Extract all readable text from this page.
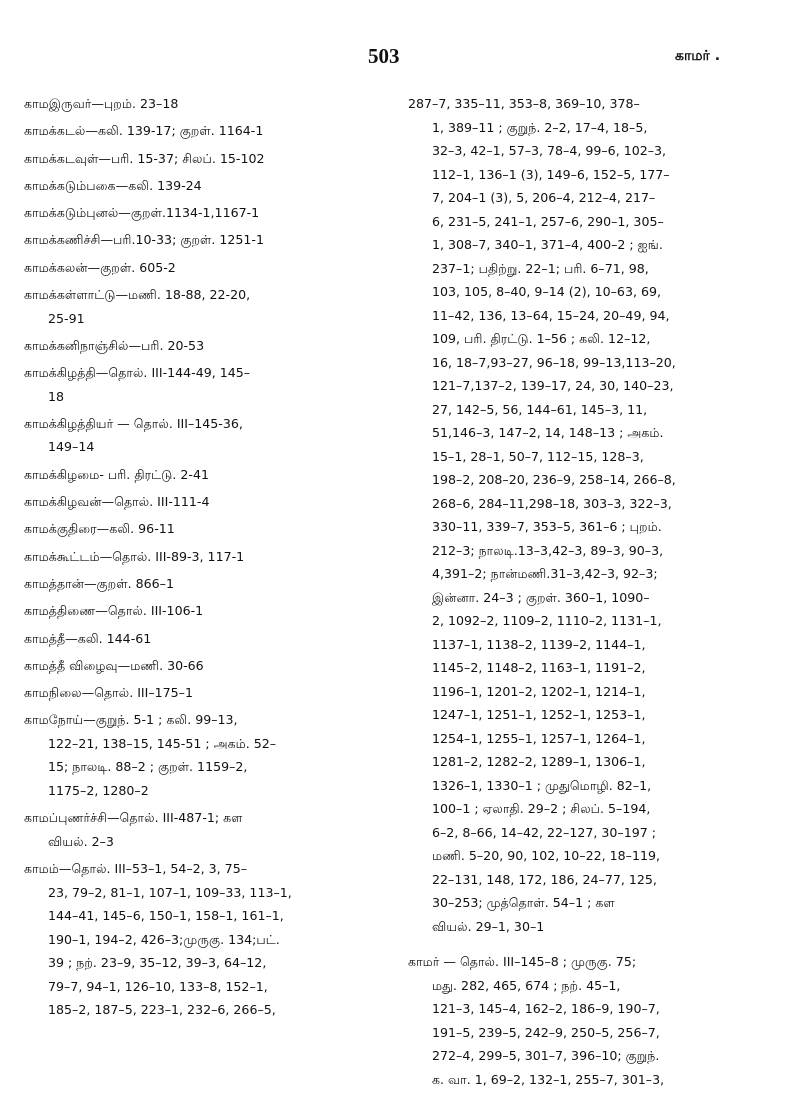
503	காமர் .
காமஇருவர்—புறம். 23–18
காமக்கடல்—கலி. 139-17; குறள். 1164-1
காமக்கடவுள்—பரி. 15-37; சிலப். 15-102
காமக்கடும்பகை—கலி. 139-24
காமக்கடும்புனல்—குறள்.1134-1,1167-1
காமக்கணிச்சி—பரி.10-33; குறள். 1251-1
காமக்கலன்—குறள். 605-2
காமக்கள்ளாட்டு—மணி. 18-88, 22-20,
25-91
காமக்கனிநாஞ்சில்—பரி. 20-53
காமக்கிழத்தி—தொல். III-144-49, 145–
18
காமக்கிழத்தியர் — தொல். III–145-36,
149–14
காமக்கிழமை- பரி. திரட்டு. 2-41
காமக்கிழவன்—தொல். III-111-4
காமக்குதிரை—கலி. 96-11
காமக்கூட்டம்—தொல். III-89-3, 117-1
காமத்தான்—குறள். 866–1
காமத்திணை—தொல். III-106-1
காமத்தீ—கலி. 144-61
காமத்தீ விழைவு—மணி. 30-66
காமநிலை—தொல். III–175–1
காமநோய்—குறுந். 5-1 ; கலி. 99–13,
122–21, 138–15, 145-51 ; அகம். 52–
15; நாலடி. 88–2 ; குறள். 1159–2,
1175–2, 1280–2
காமப்புணர்ச்சி—தொல். III-487-1; கள
வியல். 2–3
காமம்—தொல். III–53–1, 54–2, 3, 75–
23, 79–2, 81–1, 107–1, 109–33, 113–1,
144–41, 145–6, 150–1, 158–1, 161–1,
190–1, 194–2, 426–3;முருகு. 134;பட்.
39 ; நற். 23–9, 35–12, 39–3, 64–12,
79–7, 94–1, 126–10, 133–8, 152–1,
185–2, 187–5, 223–1, 232–6, 266–5,
287–7, 335–11, 353–8, 369–10, 378–
1, 389–11 ; குறுந். 2–2, 17–4, 18–5,
32–3, 42–1, 57–3, 78–4, 99–6, 102–3,
112–1, 136–1 (3), 149–6, 152–5, 177–
7, 204–1 (3), 5, 206–4, 212–4, 217–
6, 231–5, 241–1, 257–6, 290–1, 305–
1, 308–7, 340–1, 371–4, 400–2 ; ஐங்.
237–1; பதிற்று. 22–1; பரி. 6–71, 98,
103, 105, 8–40, 9–14 (2), 10–63, 69,
11–42, 136, 13–64, 15–24, 20–49, 94,
109, பரி. திரட்டு. 1–56 ; கலி. 12–12,
16, 18–7,93–27, 96–18, 99–13,113–20,
121–7,137–2, 139–17, 24, 30, 140–23,
27, 142–5, 56, 144–61, 145–3, 11,
51,146–3, 147–2, 14, 148–13 ; அகம்.
15–1, 28–1, 50–7, 112–15, 128–3,
198–2, 208–20, 236–9, 258–14, 266–8,
268–6, 284–11,298–18, 303–3, 322–3,
330–11, 339–7, 353–5, 361–6 ; புறம்.
212–3; நாலடி.13–3,42–3, 89–3, 90–3,
4,391–2; நான்மணி.31–3,42–3, 92–3;
இன்னா. 24–3 ; குறள். 360–1, 1090–
2, 1092–2, 1109–2, 1110–2, 1131–1,
1137–1, 1138–2, 1139–2, 1144–1,
1145–2, 1148–2, 1163–1, 1191–2,
1196–1, 1201–2, 1202–1, 1214–1,
1247–1, 1251–1, 1252–1, 1253–1,
1254–1, 1255–1, 1257–1, 1264–1,
1281–2, 1282–2, 1289–1, 1306–1,
1326–1, 1330–1 ; முதுமொழி. 82–1,
100–1 ; ஏலாதி. 29–2 ; சிலப். 5–194,
6–2, 8–66, 14–42, 22–127, 30–197 ;
மணி. 5–20, 90, 102, 10–22, 18–119,
22–131, 148, 172, 186, 24–77, 125,
30–253; முத்தொள். 54–1 ; கள
வியல். 29–1, 30–1
காமர் — தொல். III–145–8 ; முருகு. 75;
மது. 282, 465, 674 ; நற். 45–1,
121–3, 145–4, 162–2, 186–9, 190–7,
191–5, 239–5, 242–9, 250–5, 256–7,
272–4, 299–5, 301–7, 396–10; குறுந்.
க. வா. 1, 69–2, 132–1, 255–7, 301–3,
